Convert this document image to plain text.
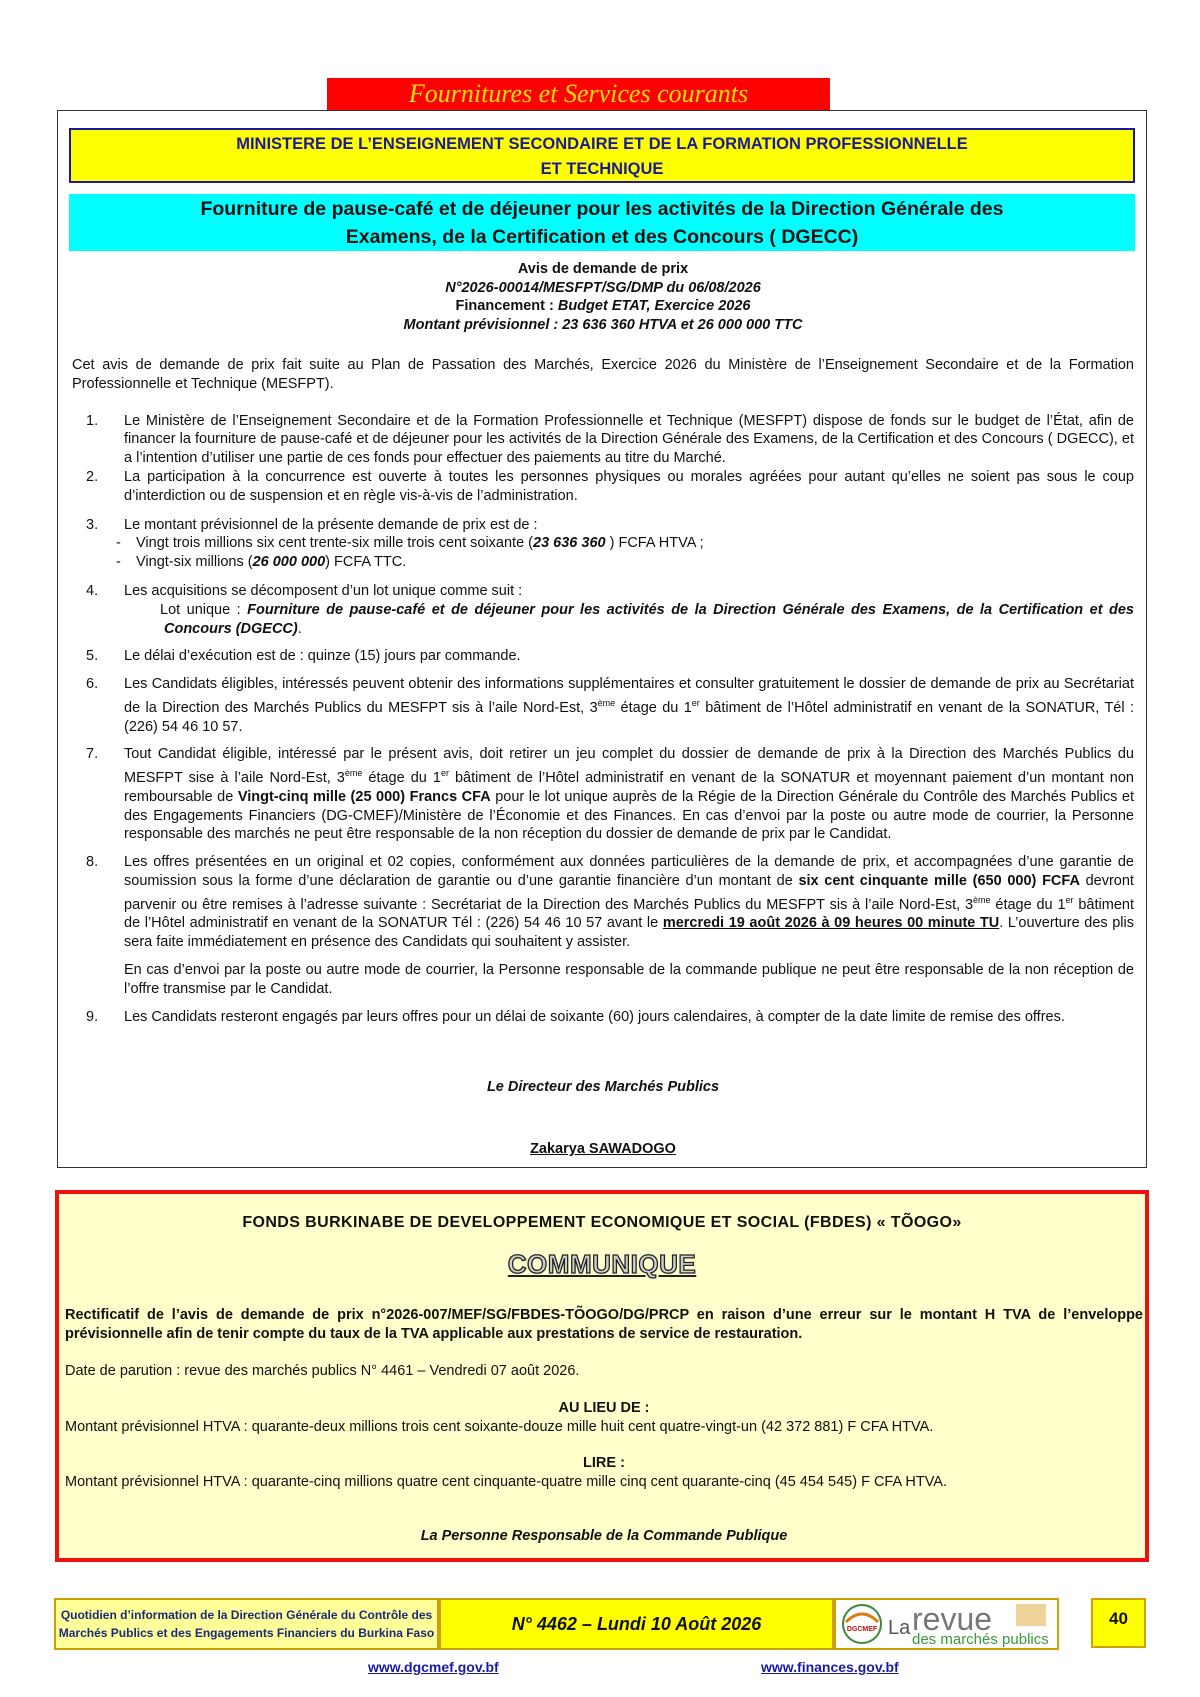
Fournitures et Services courants
MINISTERE DE L’ENSEIGNEMENT SECONDAIRE ET DE LA FORMATION PROFESSIONNELLE
ET TECHNIQUE
Fourniture de pause-café et de déjeuner pour les activités de la Direction Générale des
Examens, de la Certification et des Concours ( DGECC)
Avis de demande de prix
N°2026-00014/MESFPT/SG/DMP du 06/08/2026
Financement : Budget ETAT, Exercice 2026
Montant prévisionnel : 23 636 360 HTVA et 26 000 000 TTC

Cet avis de demande de prix fait suite au Plan de Passation des Marchés, Exercice 2026 du Ministère de l’Enseignement Secondaire et de la Formation Professionnelle et Technique (MESFPT).

1.	Le Ministère de l’Enseignement Secondaire et de la Formation Professionnelle et Technique (MESFPT) dispose de fonds sur le budget de l’État, afin de financer la fourniture de pause-café et de déjeuner pour les activités de la Direction Générale des Examens, de la Certification et des Concours ( DGECC), et a l’intention d’utiliser une partie de ces fonds pour effectuer des paiements au titre du Marché.
2.	La participation à la concurrence est ouverte à toutes les personnes physiques ou morales agréées pour autant qu’elles ne soient pas sous le coup d’interdiction ou de suspension et en règle vis-à-vis de l’administration.
3.	Le montant prévisionnel de la présente demande de prix est de :
-	Vingt trois millions six cent trente-six mille trois cent soixante (23 636 360 ) FCFA HTVA ;
-	Vingt-six millions (26 000 000) FCFA TTC.
4.	Les acquisitions se décomposent d’un lot unique comme suit :

Lot unique : Fourniture de pause-café et de déjeuner pour les activités de la Direction Générale des Examens, de la Certification et des Concours (DGECC).
5.	Le délai d’exécution est de : quinze (15) jours par commande.
6.	Les Candidats éligibles, intéressés peuvent obtenir des informations supplémentaires et consulter gratuitement le dossier de demande de prix au Secrétariat de la Direction des Marchés Publics du MESFPT sis à l’aile Nord-Est, 3ème étage du 1er bâtiment de l’Hôtel administratif en venant de la SONATUR, Tél : (226) 54 46 10 57.
7.	Tout Candidat éligible, intéressé par le présent avis, doit retirer un jeu complet du dossier de demande de prix à la Direction des Marchés Publics du MESFPT sise à l’aile Nord-Est, 3ème étage du 1er bâtiment de l’Hôtel administratif en venant de la SONATUR et moyennant paiement d’un montant non remboursable de Vingt-cinq mille (25 000) Francs CFA pour le lot unique auprès de la Régie de la Direction Générale du Contrôle des Marchés Publics et des Engagements Financiers (DG-CMEF)/Ministère de l’Économie et des Finances. En cas d’envoi par la poste ou autre mode de courrier, la Personne responsable des marchés ne peut être responsable de la non réception du dossier de demande de prix par le Candidat.
8.	Les offres présentées en un original et 02 copies, conformément aux données particulières de la demande de prix, et accompagnées d’une garantie de soumission sous la forme d’une déclaration de garantie ou d’une garantie financière d’un montant de six cent cinquante mille (650 000) FCFA devront parvenir ou être remises à l’adresse suivante : Secrétariat de la Direction des Marchés Publics du MESFPT sis à l’aile Nord-Est, 3ème étage du 1er bâtiment de l’Hôtel administratif en venant de la SONATUR Tél : (226) 54 46 10 57 avant le mercredi 19 août 2026 à 09 heures 00 minute TU. L’ouverture des plis sera faite immédiatement en présence des Candidats qui souhaitent y assister.
En cas d’envoi par la poste ou autre mode de courrier, la Personne responsable de la commande publique ne peut être responsable de la non réception de l’offre transmise par le Candidat.
9.	Les Candidats resteront engagés par leurs offres pour un délai de soixante (60) jours calendaires, à compter de la date limite de remise des offres.
Le Directeur des Marchés Publics
Zakarya SAWADOGO
FONDS BURKINABE DE DEVELOPPEMENT ECONOMIQUE ET SOCIAL (FBDES) « TÕOGO»
COMMUNIQUE

Rectificatif de l’avis de demande de prix n°2026-007/MEF/SG/FBDES-TÕOGO/DG/PRCP en raison d’une erreur sur le montant H TVA de l’enveloppe prévisionnelle afin de tenir compte du taux de la TVA applicable aux prestations de service de restauration.

Date de parution : revue des marchés publics N° 4461 – Vendredi 07 août 2026.

AU LIEU DE :

Montant prévisionnel HTVA : quarante-deux millions trois cent soixante-douze mille huit cent quatre-vingt-un (42 372 881) F CFA HTVA.

LIRE :

Montant prévisionnel HTVA : quarante-cinq millions quatre cent cinquante-quatre mille cinq cent quarante-cinq (45 454 545) F CFA HTVA.

La Personne Responsable de la Commande Publique

Quotidien d’information de la Direction Générale du Contrôle des
Marchés Publics et des Engagements Financiers du Burkina Faso	N° 4462 – Lundi 10 Août 2026	DGCMEF La revue
des marchés publics
40
www.dgcmef.gov.bf	www.finances.gov.bf
